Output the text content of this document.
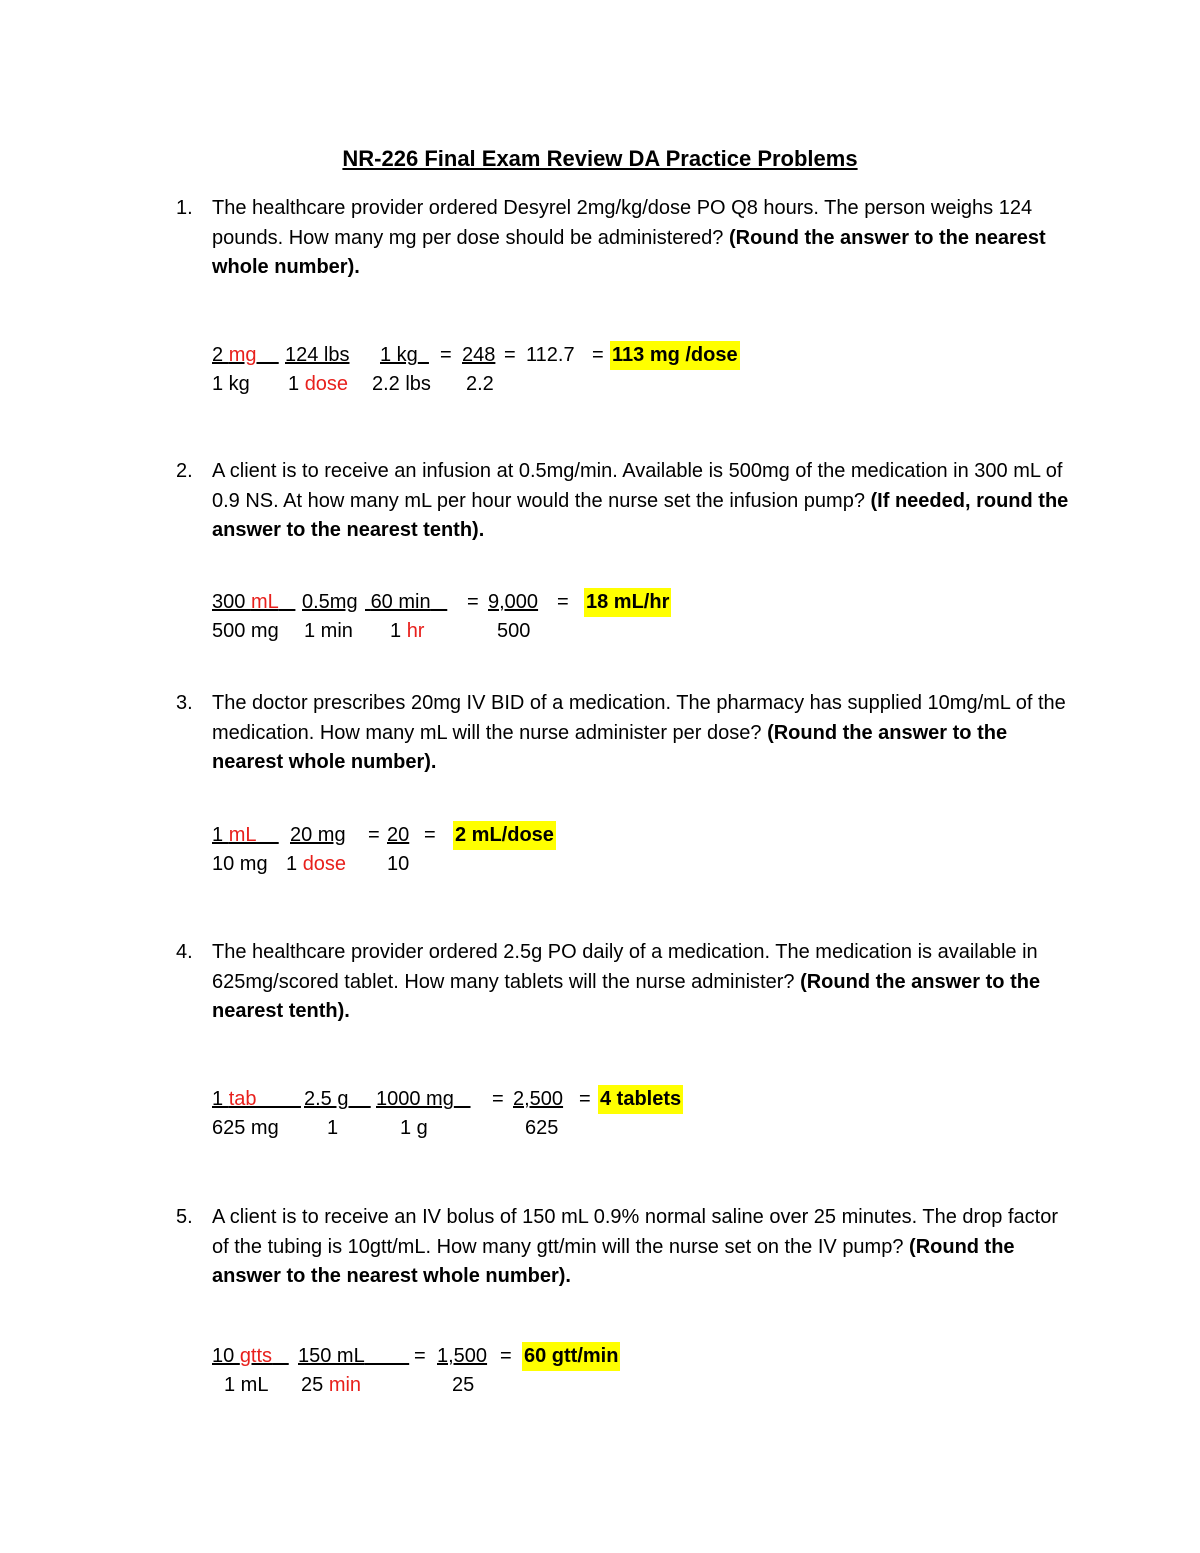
NR-226 Final Exam Review DA Practice Problems
1. The healthcare provider ordered Desyrel 2mg/kg/dose PO Q8 hours. The person weighs 124 pounds. How many mg per dose should be administered? (Round the answer to the nearest whole number).
2 mg	124 lbs 1 kg	= 248 = 112.7 = 113 mg /dose
1 kg 1 dose 2.2 lbs 2.2
2. A client is to receive an infusion at 0.5mg/min. Available is 500mg of the medication in 300 mL of 0.9 NS. At how many mL per hour would the nurse set the infusion pump? (If needed, round the answer to the nearest tenth).
300 mL	0.5mg 60 min	= 9,000 = 18 mL/hr
500 mg 1 min 1 hr	500
3. The doctor prescribes 20mg IV BID of a medication. The pharmacy has supplied 10mg/mL of the medication. How many mL will the nurse administer per dose? (Round the answer to the nearest whole number).
1 mL	20 mg = 20 = 2 mL/dose
10 mg 1 dose 10
4. The healthcare provider ordered 2.5g PO daily of a medication. The medication is available in 625mg/scored tablet. How many tablets will the nurse administer? (Round the answer to the nearest tenth).
1 tab	2.5 g	1000 mg	= 2,500 = 4 tablets
625 mg 1	1 g	625
5. A client is to receive an IV bolus of 150 mL 0.9% normal saline over 25 minutes. The drop factor of the tubing is 10gtt/mL. How many gtt/min will the nurse set on the IV pump? (Round the answer to the nearest whole number).
10 gtts	150 mL	= 1,500 = 60 gtt/min
1 mL 25 min	25
